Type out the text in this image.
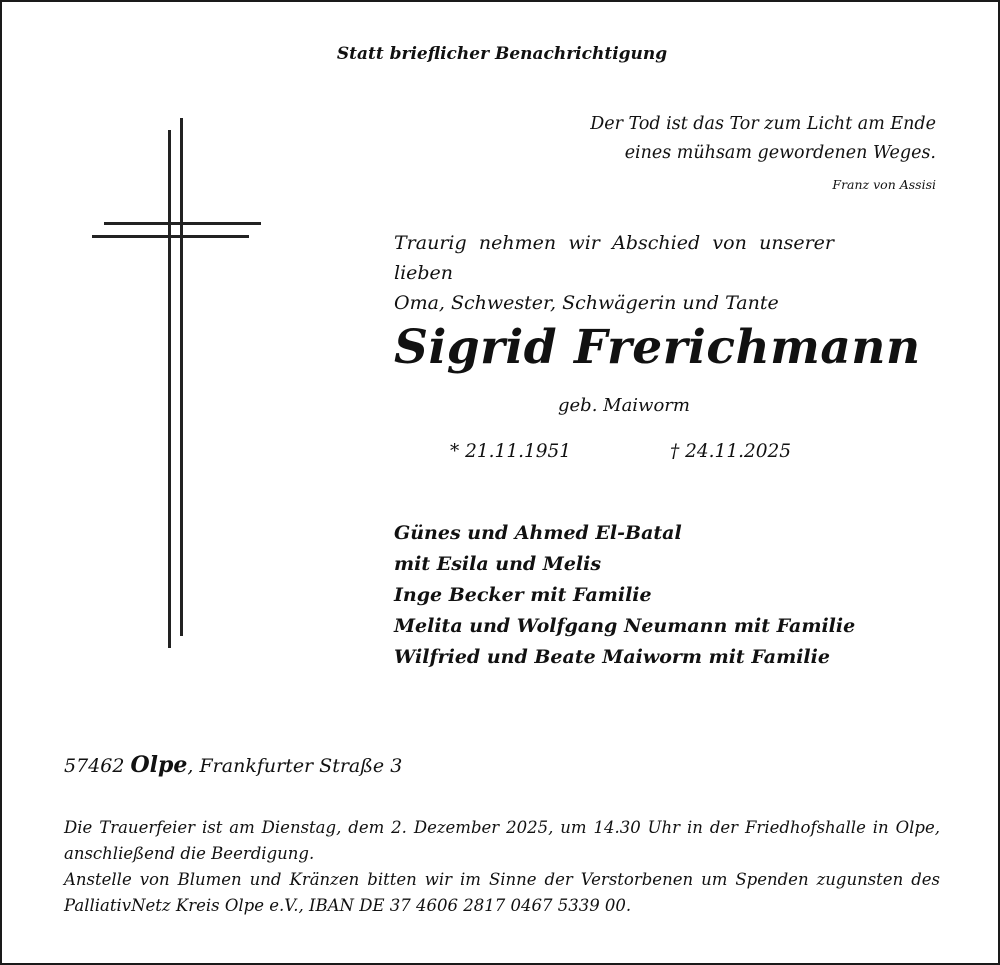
Statt brieflicher Benachrichtigung
Der Tod ist das Tor zum Licht am Ende
eines mühsam gewordenen Weges.
Franz von Assisi
Traurig nehmen wir Abschied von unserer lieben
Oma, Schwester, Schwägerin und Tante
Sigrid Frerichmann
geb. Maiworm
* 21.11.1951	† 24.11.2025
Günes und Ahmed El-Batal
mit Esila und Melis
Inge Becker mit Familie
Melita und Wolfgang Neumann mit Familie
Wilfried und Beate Maiworm mit Familie
57462 Olpe, Frankfurter Straße 3
Die Trauerfeier ist am Dienstag, dem 2. Dezember 2025, um 14.30 Uhr in der Friedhofshalle in Olpe,
anschließend die Beerdigung.
Anstelle von Blumen und Kränzen bitten wir im Sinne der Verstorbenen um Spenden zugunsten des
PalliativNetz Kreis Olpe e.V., IBAN DE 37 4606 2817 0467 5339 00.
